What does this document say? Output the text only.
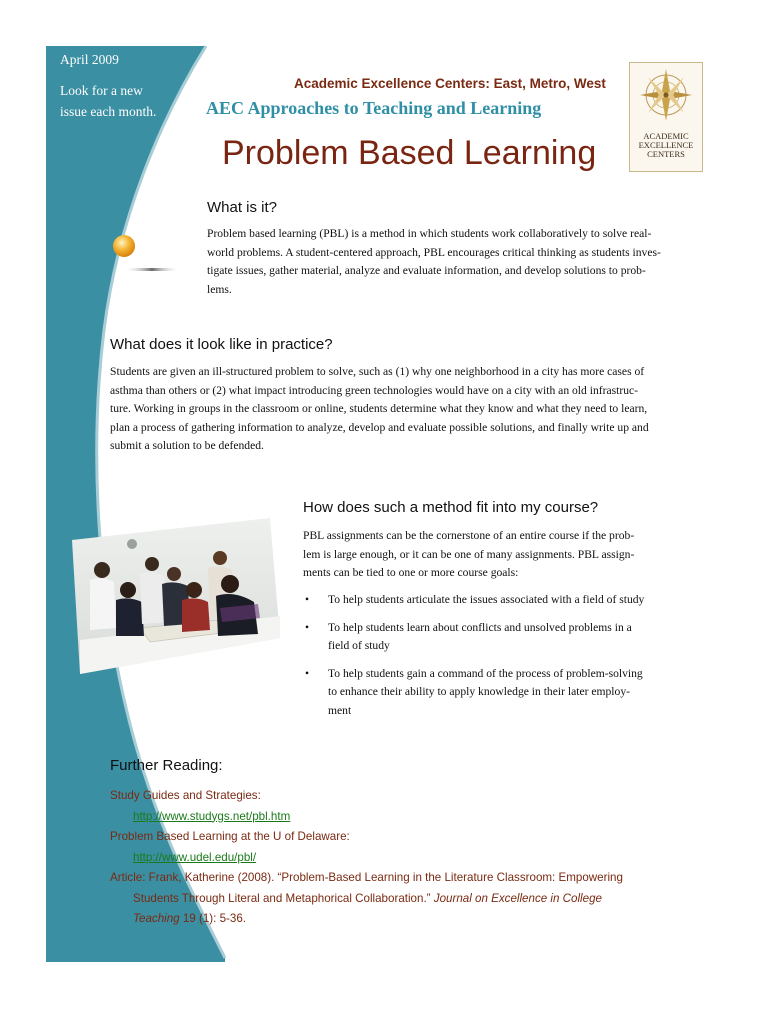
April 2009
Look for a new issue each month.
Academic Excellence Centers: East, Metro, West
AEC Approaches to Teaching and Learning
Problem Based Learning	ACADEMIC
EXCELLENCE
CENTERS
What is it?

Problem based learning (PBL) is a method in which students work collaboratively to solve real-

world problems. A student-centered approach, PBL encourages critical thinking as students inves-

tigate issues, gather material, analyze and evaluate information, and develop solutions to prob-

lems.

What does it look like in practice?

Students are given an ill-structured problem to solve, such as (1) why one neighborhood in a city has more cases of

asthma than others or (2) what impact introducing green technologies would have on a city with an old infrastruc-

ture. Working in groups in the classroom or online, students determine what they know and what they need to learn,

plan a process of gathering information to analyze, develop and evaluate possible solutions, and finally write up and

submit a solution to be defended.

How does such a method fit into my course?

PBL assignments can be the cornerstone of an entire course if the prob-

lem is large enough, or it can be one of many assignments. PBL assign-

ments can be tied to one or more course goals:

• To help students articulate the issues associated with a field of study
• To help students learn about conflicts and unsolved problems in a
field of study
• To help students gain a command of the process of problem-solving
to enhance their ability to apply knowledge in their later employ-
ment
Further Reading:
Study Guides and Strategies:
http://www.studygs.net/pbl.htm
Problem Based Learning at the U of Delaware:
http://www.udel.edu/pbl/
Article: Frank, Katherine (2008). “Problem-Based Learning in the Literature Classroom: Empowering
Students Through Literal and Metaphorical Collaboration.” Journal on Excellence in College
Teaching 19 (1): 5-36.
